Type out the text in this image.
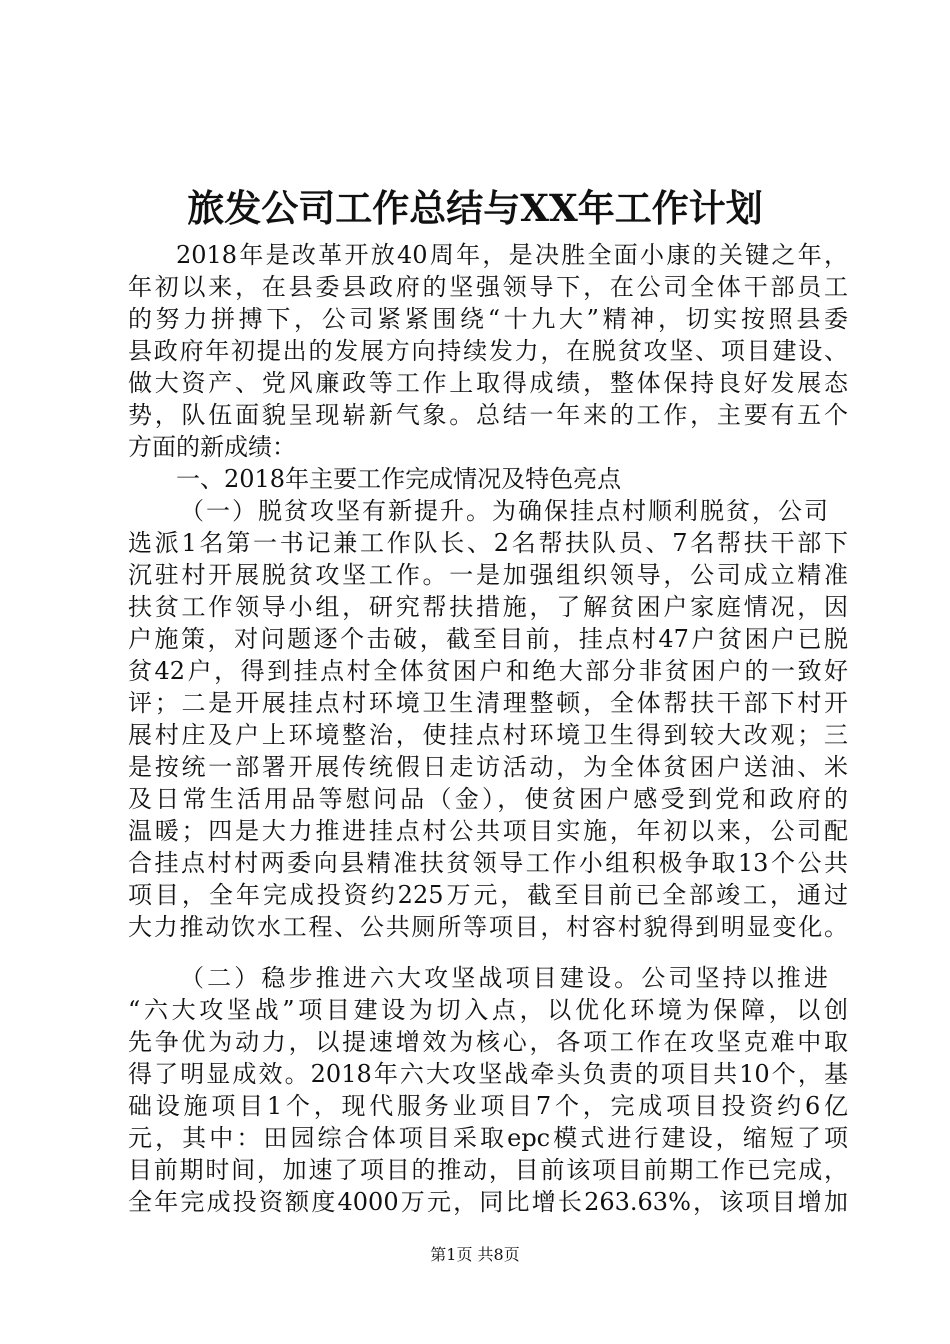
旅发公司工作总结与XX年工作计划
2018年是改革开放40周年，是决胜全面小康的关键之年，
年初以来，在县委县政府的坚强领导下，在公司全体干部员工
的努力拼搏下，公司紧紧围绕“十九大”精神，切实按照县委
县政府年初提出的发展方向持续发力，在脱贫攻坚、项目建设、
做大资产、党风廉政等工作上取得成绩，整体保持良好发展态
势，队伍面貌呈现崭新气象。总结一年来的工作，主要有五个
方面的新成绩：
一、2018年主要工作完成情况及特色亮点
（一）脱贫攻坚有新提升。为确保挂点村顺利脱贫，公司
选派1名第一书记兼工作队长、2名帮扶队员、7名帮扶干部下
沉驻村开展脱贫攻坚工作。一是加强组织领导，公司成立精准
扶贫工作领导小组，研究帮扶措施，了解贫困户家庭情况，因
户施策，对问题逐个击破，截至目前，挂点村47户贫困户已脱
贫42户，得到挂点村全体贫困户和绝大部分非贫困户的一致好
评；二是开展挂点村环境卫生清理整顿，全体帮扶干部下村开
展村庄及户上环境整治，使挂点村环境卫生得到较大改观；三
是按统一部署开展传统假日走访活动，为全体贫困户送油、米
及日常生活用品等慰问品（金），使贫困户感受到党和政府的
温暖；四是大力推进挂点村公共项目实施，年初以来，公司配
合挂点村村两委向县精准扶贫领导工作小组积极争取13个公共
项目，全年完成投资约225万元，截至目前已全部竣工，通过
大力推动饮水工程、公共厕所等项目，村容村貌得到明显变化。
（二）稳步推进六大攻坚战项目建设。公司坚持以推进
“六大攻坚战”项目建设为切入点，以优化环境为保障，以创
先争优为动力，以提速增效为核心，各项工作在攻坚克难中取
得了明显成效。2018年六大攻坚战牵头负责的项目共10个，基
础设施项目1个，现代服务业项目7个，完成项目投资约6亿
元，其中：田园综合体项目采取epc模式进行建设，缩短了项
目前期时间，加速了项目的推动，目前该项目前期工作已完成，
全年完成投资额度4000万元，同比增长263.63%，该项目增加
第1页 共8页
